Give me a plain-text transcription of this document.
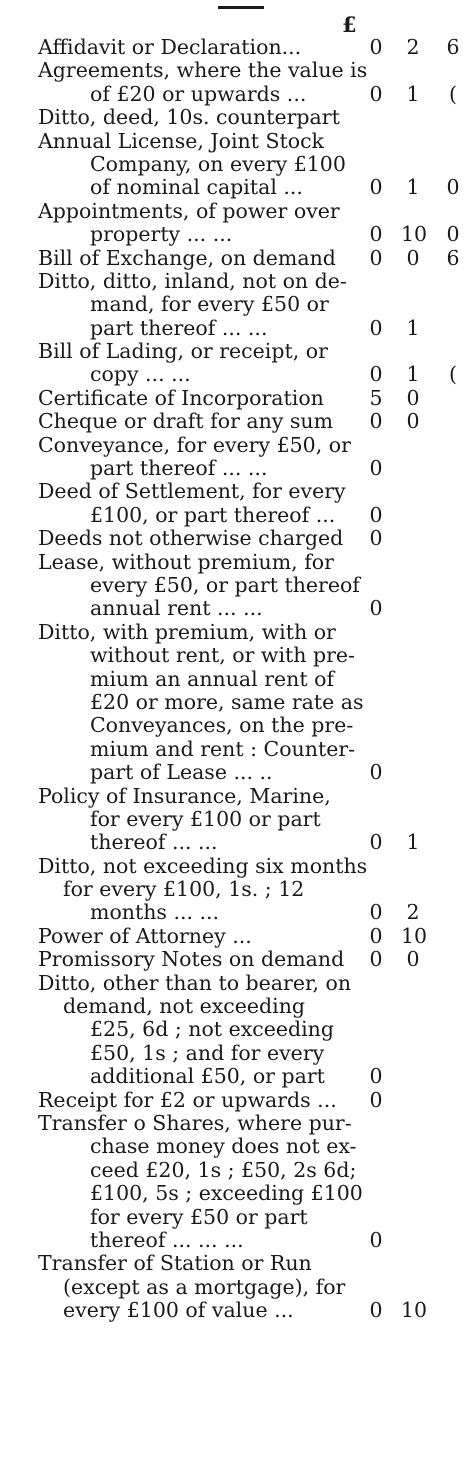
£
Affidavit or Declaration...	0 2 6
Agreements, where the value is
of £20 or upwards ...	0 1	(
Ditto, deed, 10s. counterpart
Annual License, Joint Stock
Company, on every £100
of nominal capital ...	0 1 0
Appointments, of power over
property ... ...	0 10 0
Bill of Exchange, on demand 0 0 6
Ditto, ditto, inland, not on de-
mand, for every £50 or
part thereof ... ...	0 1
Bill of Lading, or receipt, or
copy ... ...	0 1	(
Certificate of Incorporation 5 0
Cheque or draft for any sum 0 0
Conveyance, for every £50, or
part thereof ... ...	0
Deed of Settlement, for every
£100, or part thereof ... 0
Deeds not otherwise charged 0
Lease, without premium, for
every £50, or part thereof
annual rent ... ...	0
Ditto, with premium, with or
without rent, or with pre-
mium an annual rent of
£20 or more, same rate as
Conveyances, on the pre-
mium and rent : Counter-
part of Lease ... ..	0
Policy of Insurance, Marine,
for every £100 or part
thereof ... ...	0 1
Ditto, not exceeding six months
for every £100, 1s. ; 12
months ... ...	0 2
Power of Attorney ...	0 10
Promissory Notes on demand 0 0
Ditto, other than to bearer, on
demand, not exceeding
£25, 6d ; not exceeding
£50, 1s ; and for every
additional £50, or part 0
Receipt for £2 or upwards ... 0
Transfer o Shares, where pur-
chase money does not ex-
ceed £20, 1s ; £50, 2s 6d;
£100, 5s ; exceeding £100
for every £50 or part
thereof ... ... ...	0
Transfer of Station or Run
(except as a mortgage), for
every £100 of value ...	0 10
